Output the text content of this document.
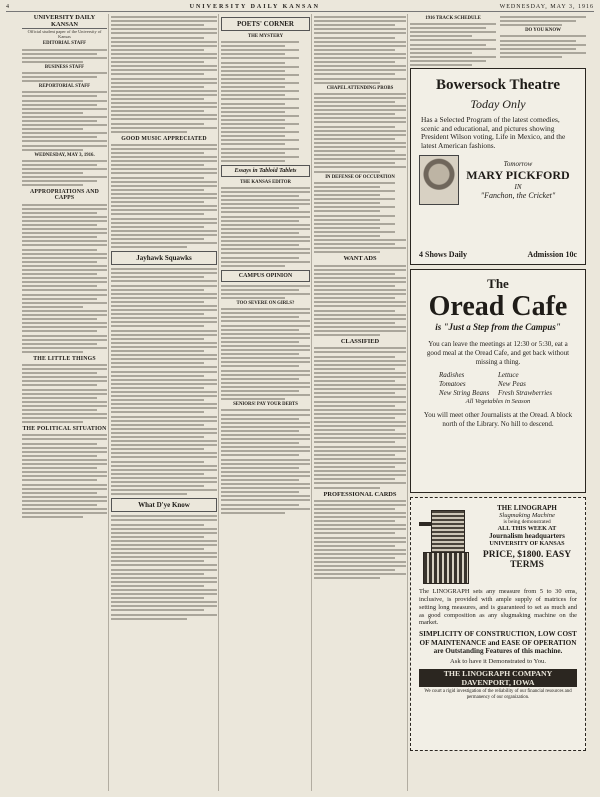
4	UNIVERSITY DAILY KANSAN	WEDNESDAY, MAY 3, 1916
UNIVERSITY DAILY KANSAN
Official student paper of the University of Kansas
EDITORIAL STAFF
BUSINESS STAFF
REPORTORIAL STAFF
WEDNESDAY, MAY 3, 1916.
APPROPRIATIONS AND CAPPS
THE LITTLE THINGS
THE POLITICAL SITUATION
GOOD MUSIC APPRECIATED
Jayhawk Squawks
What D'ye Know
POETS' CORNER
THE MYSTERY
Essays in Tabloid Tablets
THE KANSAS EDITOR
CAMPUS OPINION
TOO SEVERE ON GIRLS?
SENIORS! PAY YOUR DEBTS
CHAPEL ATTENDING PROBS
IN DEFENSE OF OCCUPATION
WANT ADS
CLASSIFIED
PROFESSIONAL CARDS
1916 TRACK SCHEDULE
DO YOU KNOW
Bowersock Theatre
Today Only
Has a Selected Program of the latest comedies, scenic and educational, and pictures showing President Wilson voting, Life in Mexico, and the latest American fashions.
Tomorrow
MARY PICKFORD
IN
"Fanchon, the Cricket"
4 Shows Daily	Admission 10c
The
Oread Cafe
is "Just a Step from the Campus"
You can leave the meetings at 12:30 or 5:30, eat a good meal at the Oread Cafe, and get back without missing a thing.
Radishes	Lettuce
Tomatoes	New Peas
New String Beans	Fresh Strawberries
All Vegetables in Season
You will meet other Journalists at the Oread. A block north of the Library. No hill to descend.
THE LINOGRAPH
Slugmaking Machine
is being demonstrated
ALL THIS WEEK AT
Journalism headquarters
UNIVERSITY OF KANSAS
PRICE, $1800. EASY TERMS
The LINOGRAPH sets any measure from 5 to 30 ems, inclusive, is provided with ample supply of matrices for setting long measures, and is guaranteed to set as much and as good composition as any slugmaking machine on the market.
SIMPLICITY OF CONSTRUCTION, LOW COST OF MAINTENANCE and EASE OF OPERATION are Outstanding Features of this machine.
Ask to have it Demonstrated to You.
THE LINOGRAPH COMPANY DAVENPORT, IOWA
We court a rigid investigation of the reliability of our financial resources and permanency of our organization.
